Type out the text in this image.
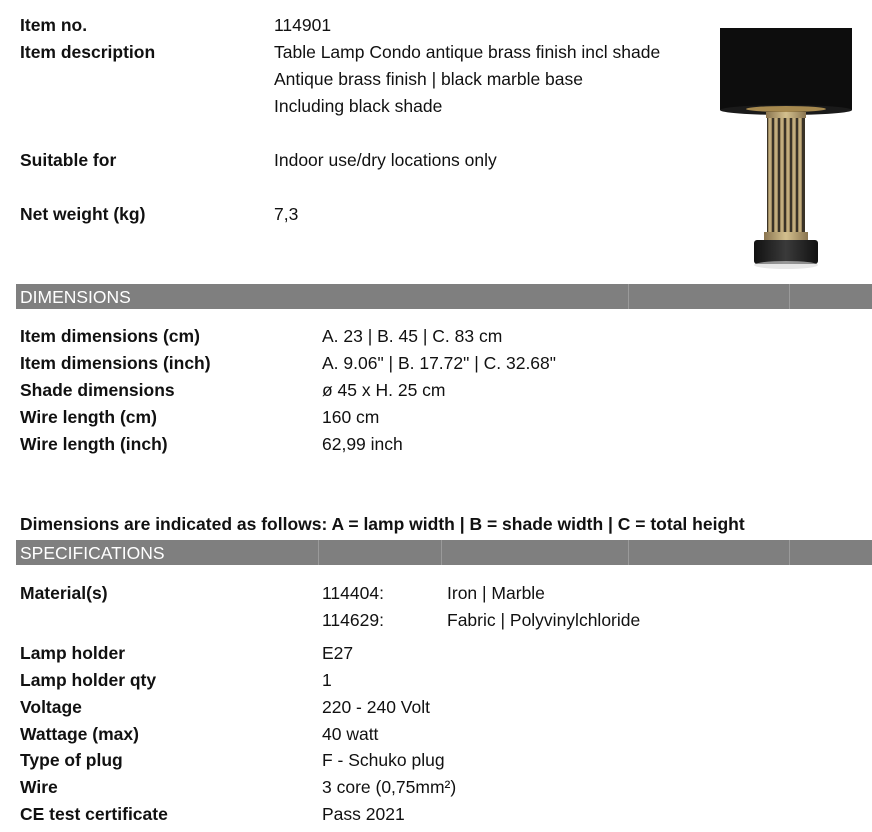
Item no.	114901
Item description	Table Lamp Condo antique brass finish incl shade
Antique brass finish | black marble base
Including black shade
Suitable for	Indoor use/dry locations only
Net weight (kg)	7,3
DIMENSIONS
Item dimensions (cm)	A. 23 | B. 45 | C. 83 cm
Item dimensions (inch)	A. 9.06" | B. 17.72" | C. 32.68"
Shade dimensions	ø 45 x H. 25 cm
Wire length (cm)	160 cm
Wire length (inch)	62,99 inch
Dimensions are indicated as follows: A = lamp width | B = shade width | C = total height
SPECIFICATIONS
Material(s)	114404:	Iron | Marble
114629:	Fabric | Polyvinylchloride
Lamp holder	E27
Lamp holder qty	1
Voltage	220 - 240 Volt
Wattage (max)	40 watt
Type of plug	F - Schuko plug
Wire	3 core (0,75mm²)
CE test certificate	Pass 2021
